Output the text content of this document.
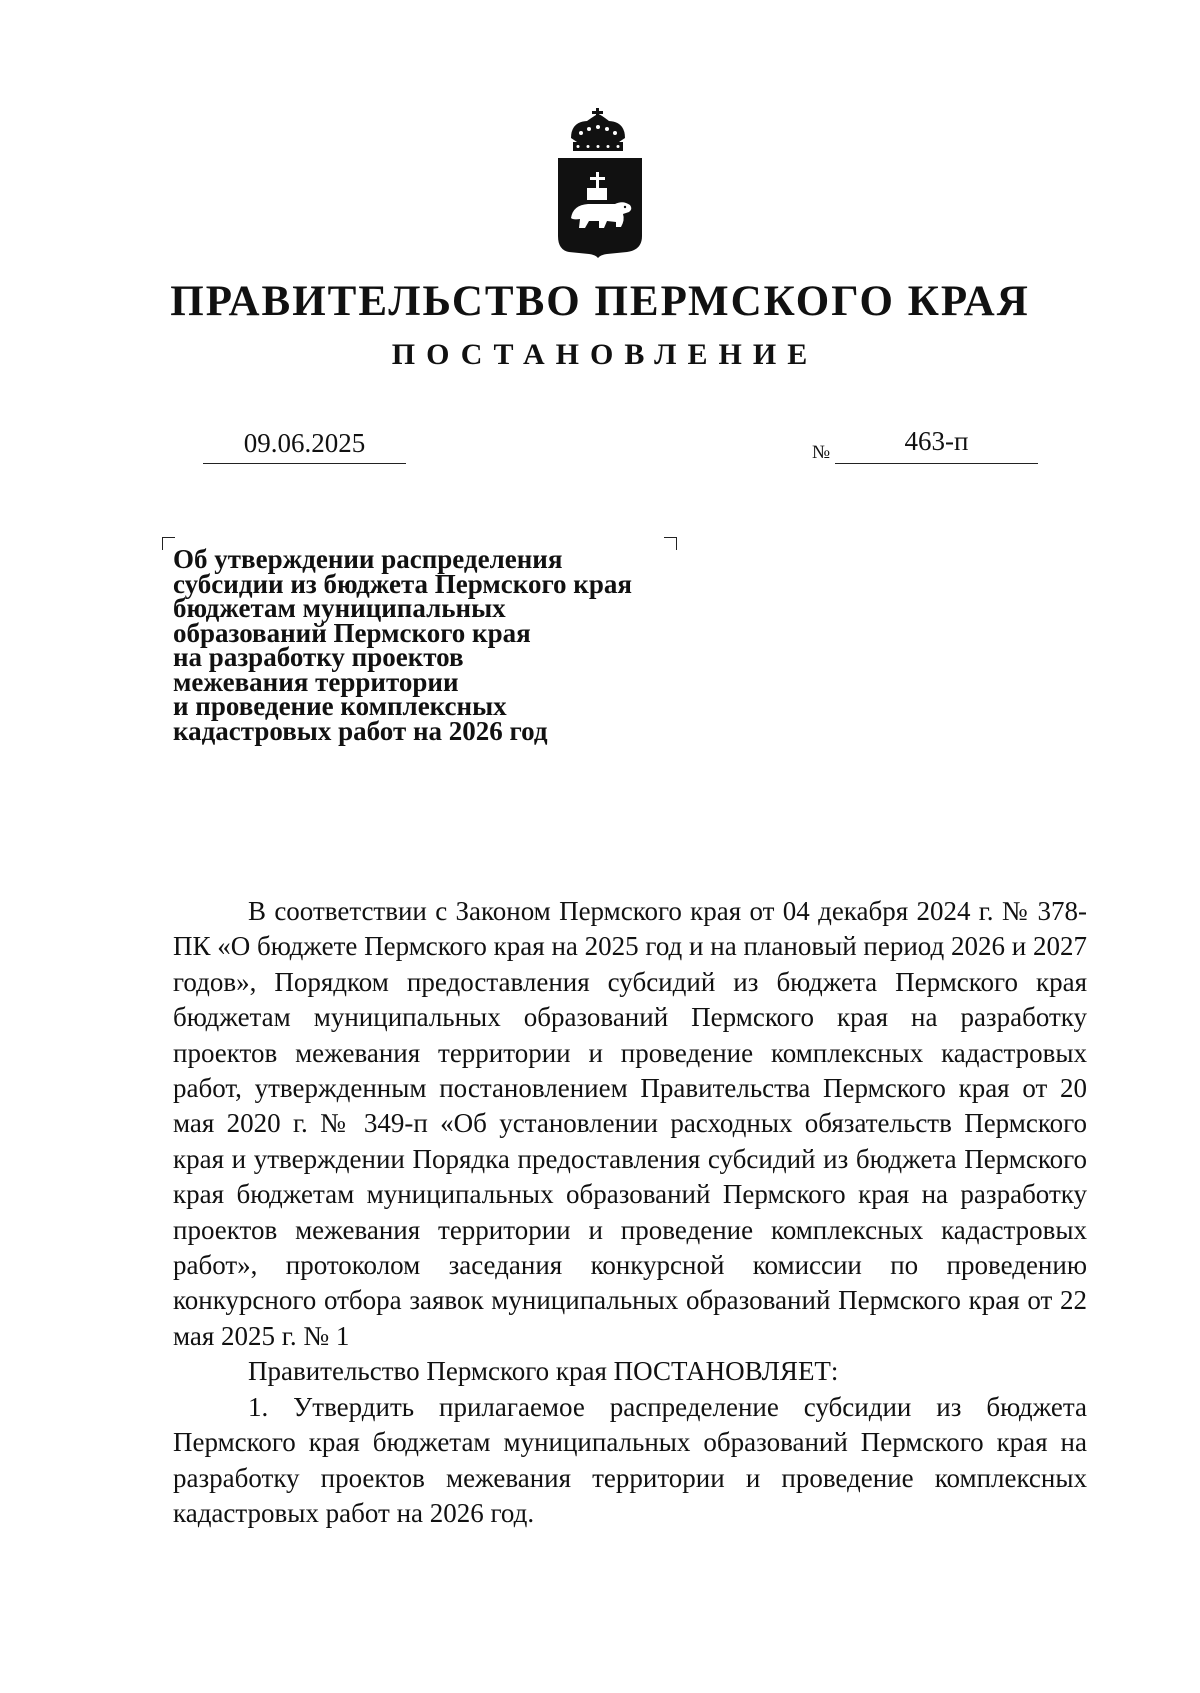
ПРАВИТЕЛЬСТВО ПЕРМСКОГО КРАЯ
ПОСТАНОВЛЕНИЕ
09.06.2025	№	463-п
Об утверждении распределения
субсидии из бюджета Пермского края
бюджетам муниципальных
образований Пермского края
на разработку проектов
межевания территории
и проведение комплексных
кадастровых работ на 2026 год

В соответствии с Законом Пермского края от 04 декабря 2024 г. № 378-ПК «О бюджете Пермского края на 2025 год и на плановый период 2026 и 2027 годов», Порядком предоставления субсидий из бюджета Пермского края бюджетам муниципальных образований Пермского края на разработку проектов межевания территории и проведение комплексных кадастровых работ, утвержденным постановлением Правительства Пермского края от 20 мая 2020 г. № 349-п «Об установлении расходных обязательств Пермского края и утверждении Порядка предоставления субсидий из бюджета Пермского края бюджетам муниципальных образований Пермского края на разработку проектов межевания территории и проведение комплексных кадастровых работ», протоколом заседания конкурсной комиссии по проведению конкурсного отбора заявок муниципальных образований Пермского края от 22 мая 2025 г. № 1

Правительство Пермского края ПОСТАНОВЛЯЕТ:

1. Утвердить прилагаемое распределение субсидии из бюджета Пермского края бюджетам муниципальных образований Пермского края на разработку проектов межевания территории и проведение комплексных кадастровых работ на 2026 год.
